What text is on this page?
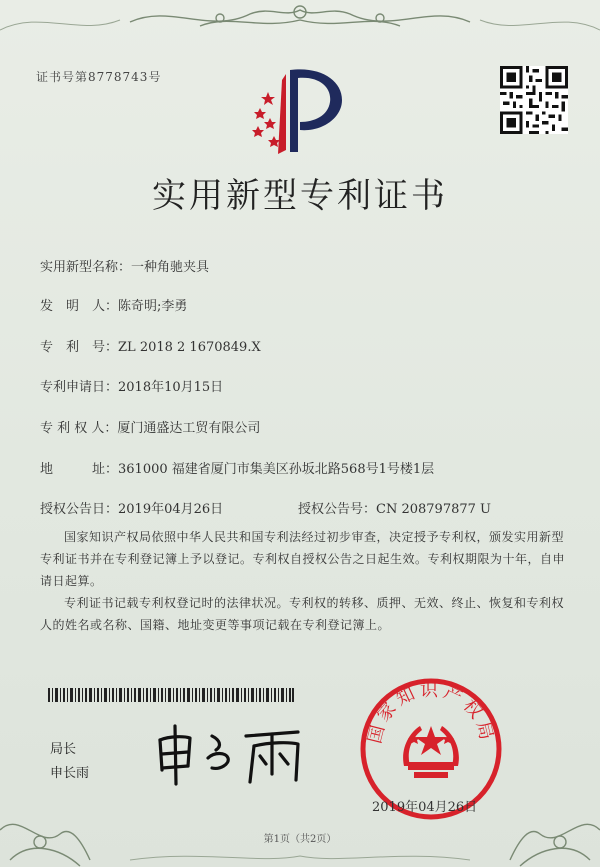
证书号第8778743号
实用新型专利证书
实用新型名称：一种角驰夹具
发　明　人：陈奇明;李勇
专　利　号：ZL 2018 2 1670849.X
专利申请日：2018年10月15日
专 利 权 人：厦门通盛达工贸有限公司
地　　　址：361000 福建省厦门市集美区孙坂北路568号1号楼1层
授权公告日：2019年04月26日	授权公告号：CN 208797877 U
国家知识产权局依照中华人民共和国专利法经过初步审查，决定授予专利权，颁发实用新型专利证书并在专利登记簿上予以登记。专利权自授权公告之日起生效。专利权期限为十年，自申请日起算。
专利证书记载专利权登记时的法律状况。专利权的转移、质押、无效、终止、恢复和专利权人的姓名或名称、国籍、地址变更等事项记载在专利登记簿上。
局长
申长雨
国家知识产权局
2019年04月26日
第1页（共2页）
